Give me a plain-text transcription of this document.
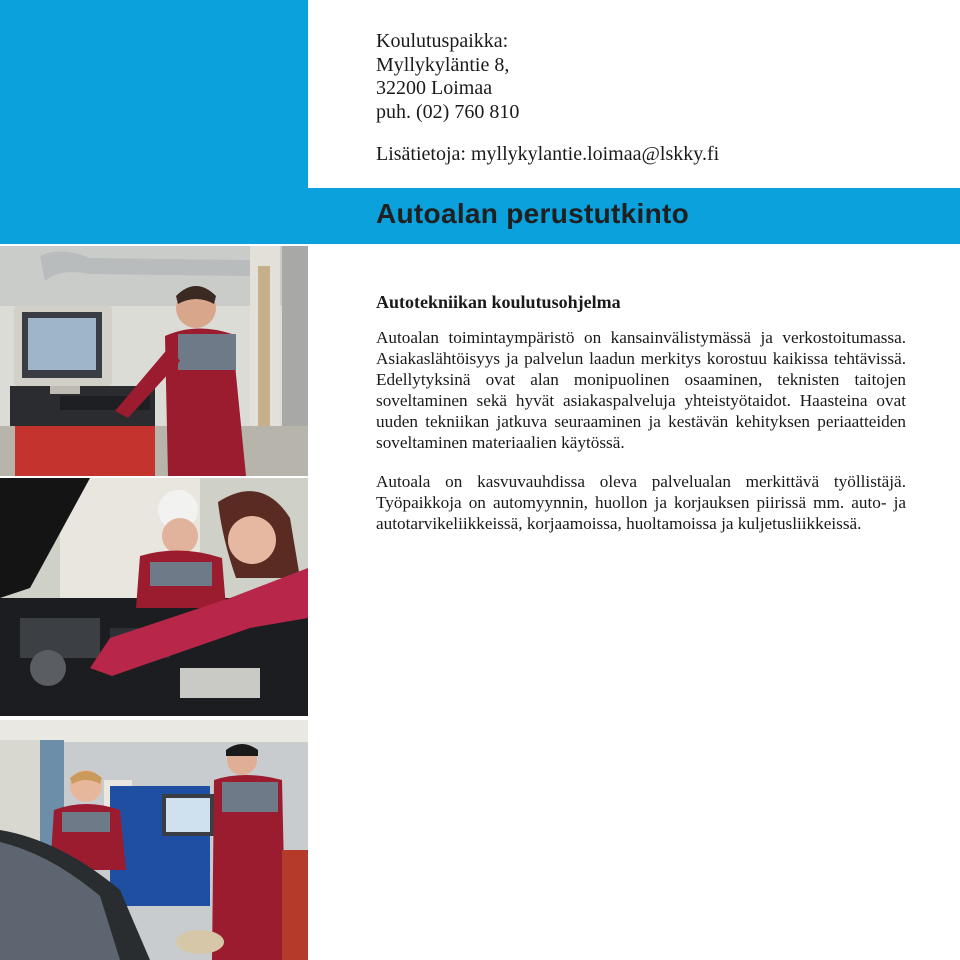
Autoalan perustutkinto
Koulutuspaikka:
Myllykyläntie 8,
32200 Loimaa
puh. (02) 760 810
Lisätietoja: myllykylantie.loimaa@lskky.fi
Autotekniikan koulutusohjelma

Autoalan toimintaympäristö on kansainvälistymässä ja verkostoitumassa. Asiakaslähtöisyys ja palvelun laadun merkitys korostuu kaikissa tehtävissä. Edellytyksinä ovat alan monipuolinen osaaminen, teknisten taitojen soveltaminen sekä hyvät asiakaspalveluja yhteistyötaidot. Haasteina ovat uuden tekniikan jatkuva seuraaminen ja kestävän kehityksen periaatteiden soveltaminen materiaalien käytössä.

Autoala on kasvuvauhdissa oleva palvelualan merkittävä työllistäjä. Työpaikkoja on automyynnin, huollon ja korjauksen piirissä mm. auto- ja autotarvikeliikkeissä, korjaamoissa, huoltamoissa ja kuljetusliikkeissä.
